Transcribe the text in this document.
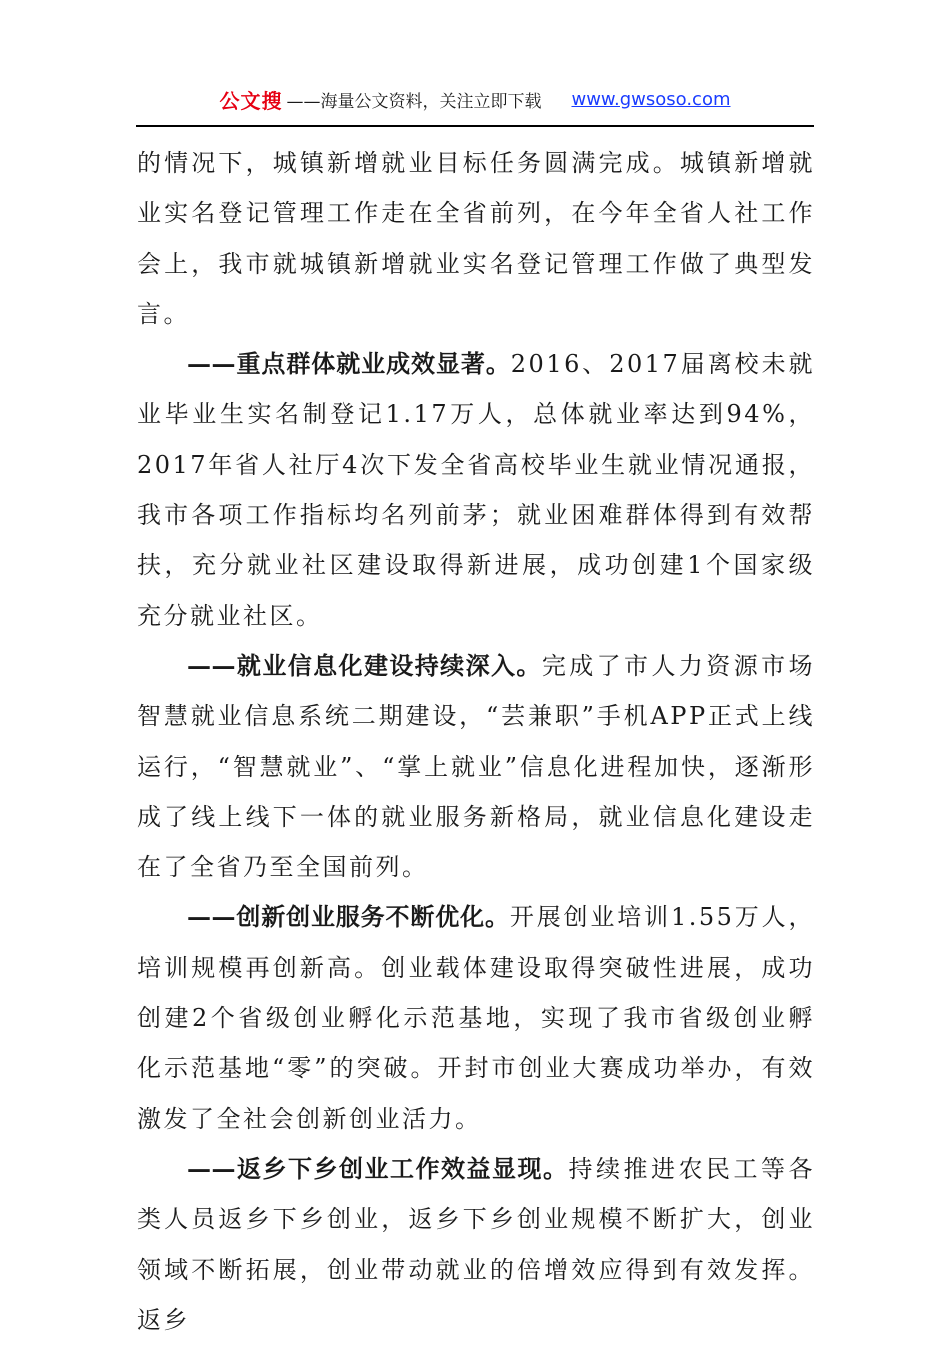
公文搜 ——海量公文资料，关注立即下载 www.gwsoso.com

的情况下，城镇新增就业目标任务圆满完成。城镇新增就业实名登记管理工作走在全省前列，在今年全省人社工作会上，我市就城镇新增就业实名登记管理工作做了典型发言。

——重点群体就业成效显著。2016、2017届离校未就业毕业生实名制登记1.17万人，总体就业率达到94%，2017年省人社厅4次下发全省高校毕业生就业情况通报，我市各项工作指标均名列前茅；就业困难群体得到有效帮扶，充分就业社区建设取得新进展，成功创建1个国家级充分就业社区。

——就业信息化建设持续深入。完成了市人力资源市场智慧就业信息系统二期建设，“芸兼职”手机APP正式上线运行，“智慧就业”、“掌上就业”信息化进程加快，逐渐形成了线上线下一体的就业服务新格局，就业信息化建设走在了全省乃至全国前列。

——创新创业服务不断优化。开展创业培训1.55万人，培训规模再创新高。创业载体建设取得突破性进展，成功创建2个省级创业孵化示范基地，实现了我市省级创业孵化示范基地“零”的突破。开封市创业大赛成功举办，有效激发了全社会创新创业活力。

——返乡下乡创业工作效益显现。持续推进农民工等各类人员返乡下乡创业，返乡下乡创业规模不断扩大，创业领域不断拓展，创业带动就业的倍增效应得到有效发挥。返乡
